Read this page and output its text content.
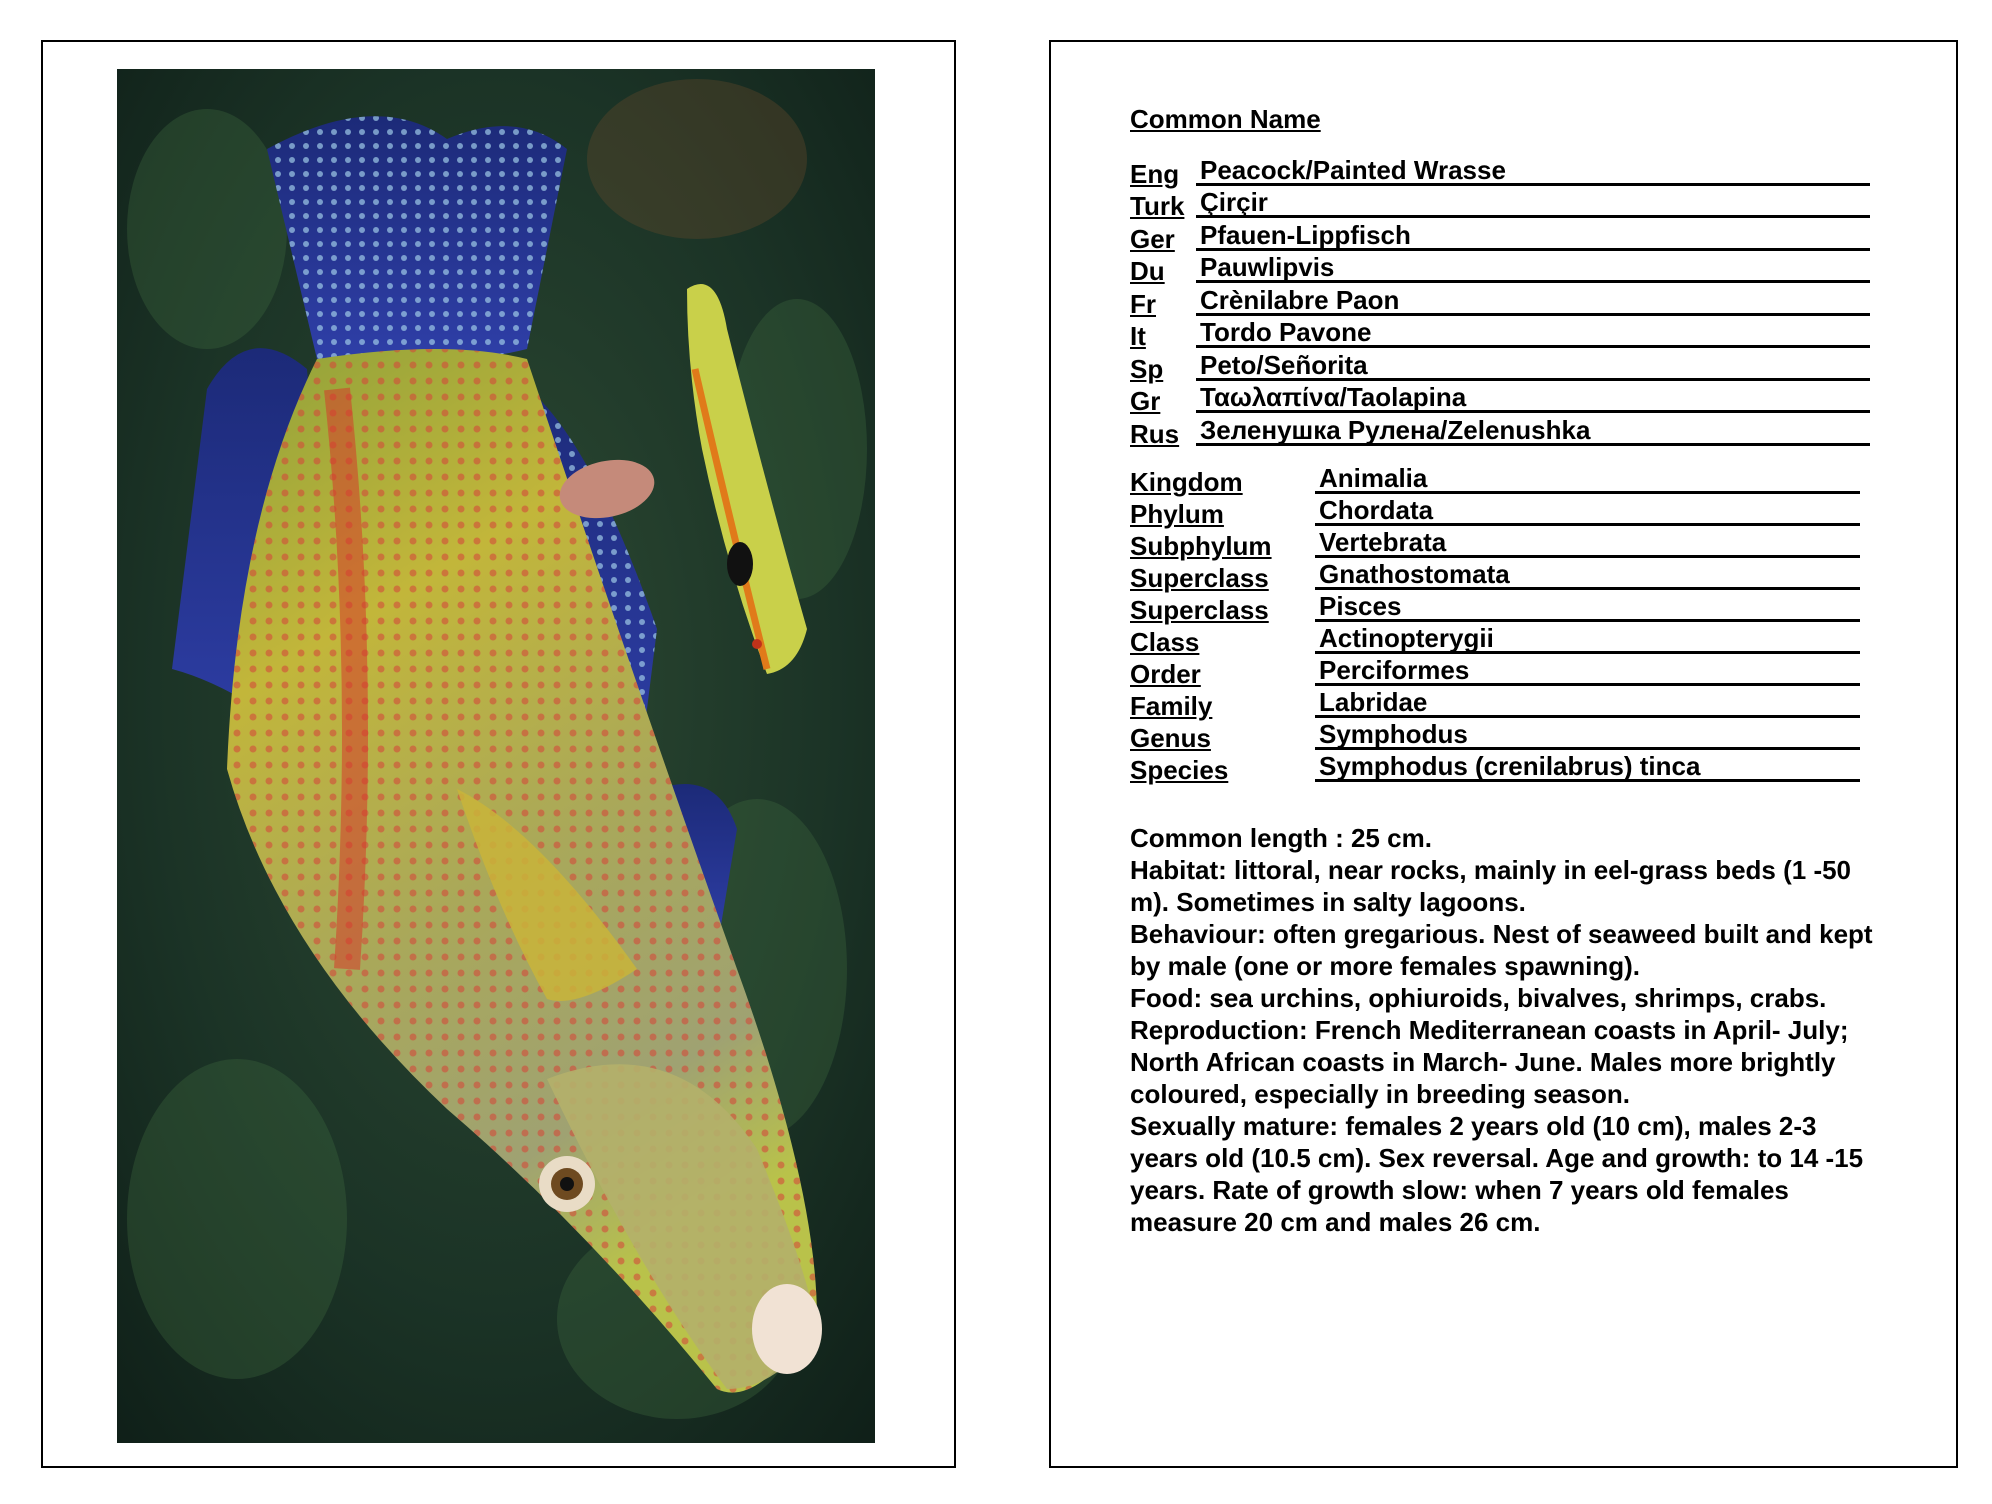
Common Name
Eng Peacock/Painted Wrasse
Turk Çirçir
Ger Pfauen-Lippfisch
Du	Pauwlipvis
Fr	Crènilabre Paon
It	Tordo Pavone
Sp	Peto/Señorita
Gr	Ταωλαπίνα/Taolapina
Rus Зеленушка Рулена/Zelenushka
Kingdom	Animalia
Phylum	Chordata
Subphylum	Vertebrata
Superclass	Gnathostomata
Superclass	Pisces
Class	Actinopterygii
Order	Perciformes
Family	Labridae
Genus	Symphodus
Species	Symphodus (crenilabrus) tinca

Common length : 25 cm.

Habitat: littoral, near rocks, mainly in eel-grass beds (1 -50 m). Sometimes in salty lagoons.

Behaviour: often gregarious. Nest of seaweed built and kept by male (one or more females spawning).

Food: sea urchins, ophiuroids, bivalves, shrimps, crabs.

Reproduction: French Mediterranean coasts in April- July; North African coasts in March- June. Males more brightly coloured, especially in breeding season.

Sexually mature: females 2 years old (10 cm), males 2-3 years old (10.5 cm). Sex reversal. Age and growth: to 14 -15 years. Rate of growth slow: when 7 years old females measure 20 cm and males 26 cm.
